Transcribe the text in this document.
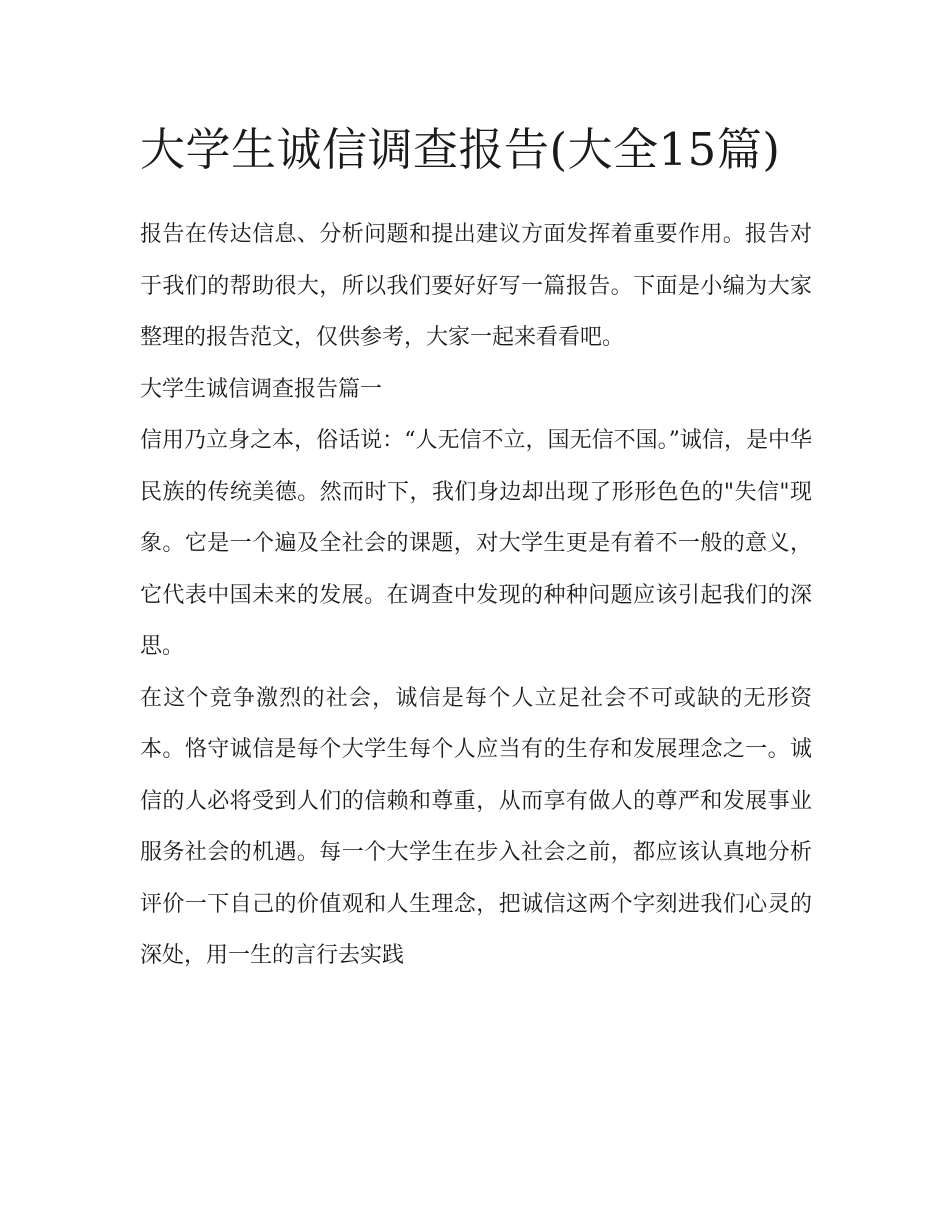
大学生诚信调查报告(大全15篇)

报告在传达信息、分析问题和提出建议方面发挥着重要作用。报告对于我们的帮助很大，所以我们要好好写一篇报告。下面是小编为大家整理的报告范文，仅供参考，大家一起来看看吧。

大学生诚信调查报告篇一

信用乃立身之本，俗话说：“人无信不立，国无信不国。”诚信，是中华民族的传统美德。然而时下，我们身边却出现了形形色色的"失信"现象。它是一个遍及全社会的课题，对大学生更是有着不一般的意义，它代表中国未来的发展。在调查中发现的种种问题应该引起我们的深思。

在这个竞争激烈的社会，诚信是每个人立足社会不可或缺的无形资本。恪守诚信是每个大学生每个人应当有的生存和发展理念之一。诚信的人必将受到人们的信赖和尊重，从而享有做人的尊严和发展事业服务社会的机遇。每一个大学生在步入社会之前，都应该认真地分析评价一下自己的价值观和人生理念，把诚信这两个字刻进我们心灵的深处，用一生的言行去实践
